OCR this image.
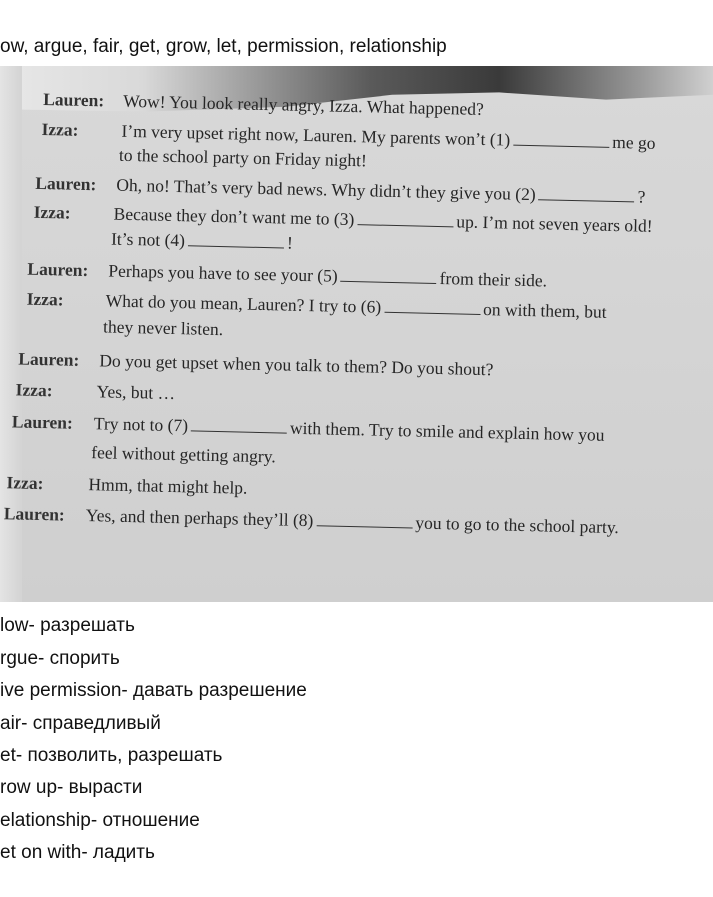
ow, argue, fair, get, grow, let, permission, relationship
Lauren: Wow! You look really angry, Izza. What happened?
Izza: I’m very upset right now, Lauren. My parents won’t (1)	me go
to the school party on Friday night!
Lauren: Oh, no! That’s very bad news. Why didn’t they give you (2)	?
Izza: Because they don’t want me to (3)	up. I’m not seven years old!
It’s not (4)	!
Lauren: Perhaps you have to see your (5)	from their side.
Izza: What do you mean, Lauren? I try to (6)	on with them, but
they never listen.
Lauren: Do you get upset when you talk to them? Do you shout?
Izza: Yes, but …
Lauren: Try not to (7)	with them. Try to smile and explain how you
feel without getting angry.
Izza:	Hmm, that might help.
Lauren: Yes, and then perhaps they’ll (8)	you to go to the school party.
low- разрешать
rgue- спорить
ive permission- давать разрешение
air- справедливый
et- позволить, разрешать
row up- вырасти
elationship- отношение
et on with- ладить
